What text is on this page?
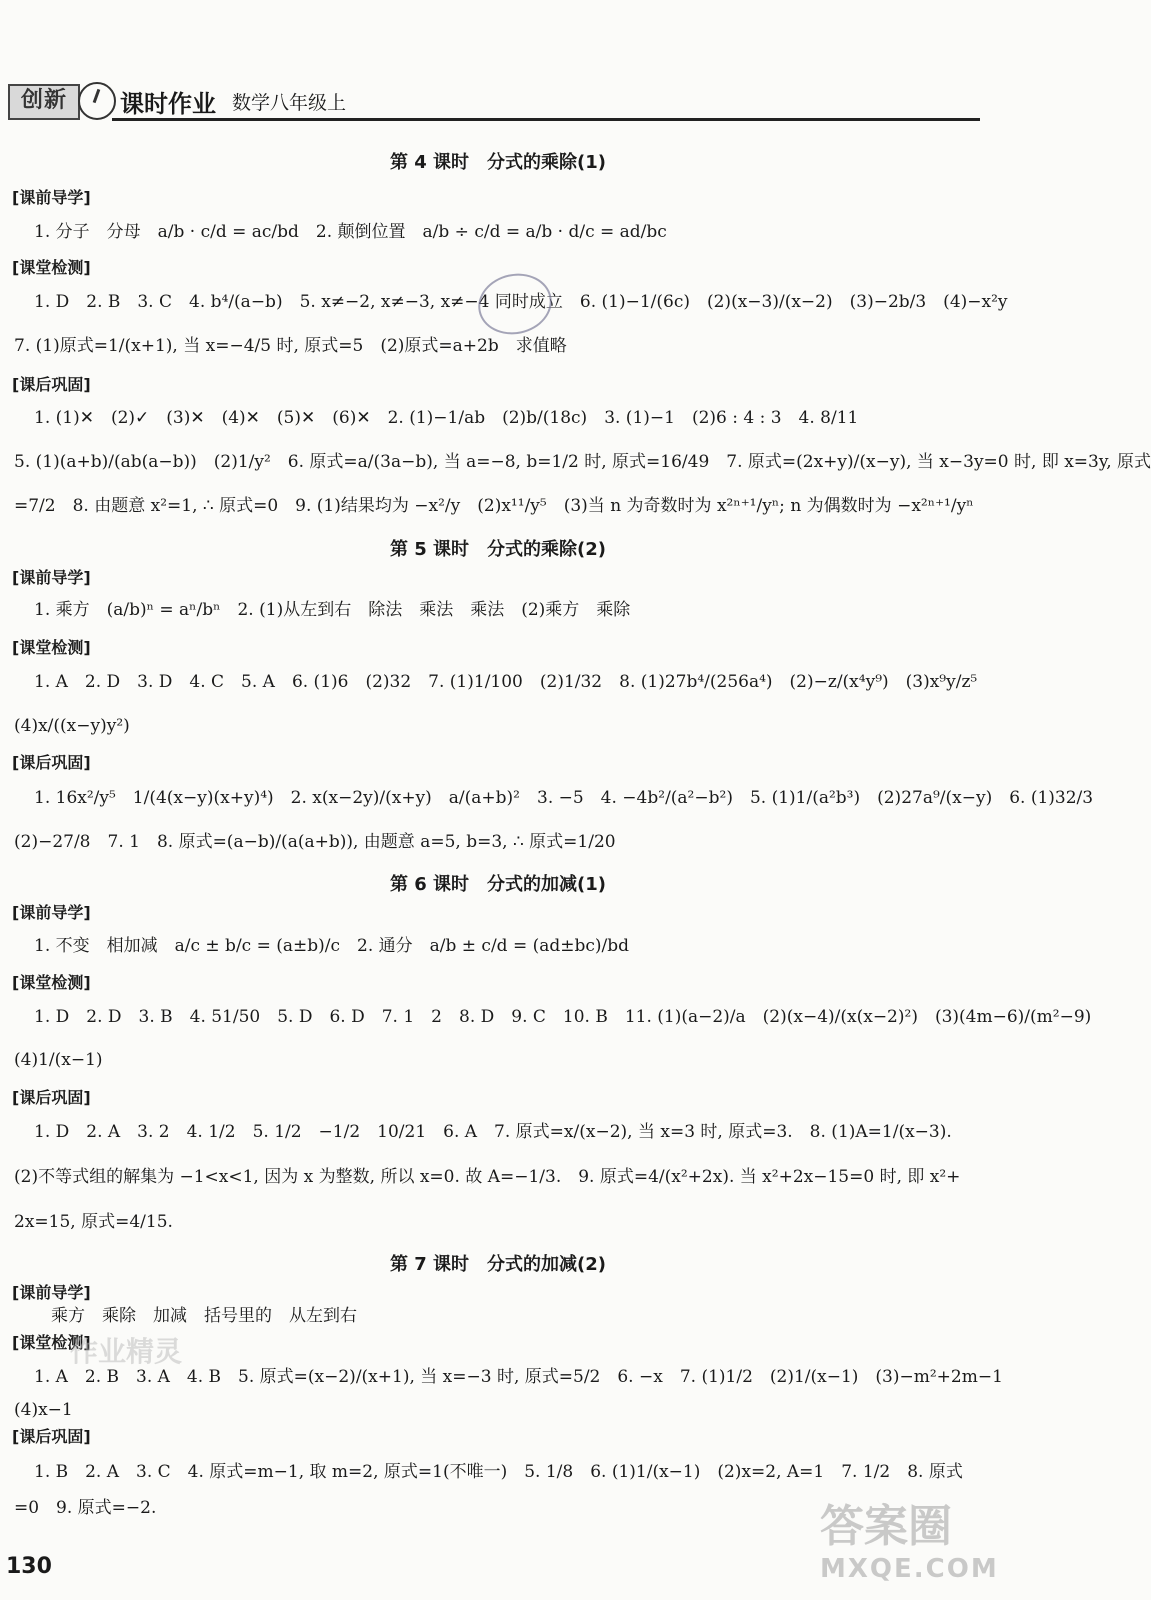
创新	课时作业 数学八年级上
第 4 课时　分式的乘除(1)
[课前导学]
1. 分子　分母　a/b · c/d = ac/bd　2. 颠倒位置　a/b ÷ c/d = a/b · d/c = ad/bc
[课堂检测]
1. D　2. B　3. C　4. b⁴/(a−b)　5. x≠−2, x≠−3, x≠−4 同时成立　6. (1)−1/(6c)　(2)(x−3)/(x−2)　(3)−2b/3　(4)−x²y
7. (1)原式=1/(x+1), 当 x=−4/5 时, 原式=5　(2)原式=a+2b　求值略
[课后巩固]
1. (1)✕　(2)✓　(3)✕　(4)✕　(5)✕　(6)✕　2. (1)−1/ab　(2)b/(18c)　3. (1)−1　(2)6 : 4 : 3　4. 8/11
5. (1)(a+b)/(ab(a−b))　(2)1/y²　6. 原式=a/(3a−b), 当 a=−8, b=1/2 时, 原式=16/49　7. 原式=(2x+y)/(x−y), 当 x−3y=0 时, 即 x=3y, 原式
=7/2　8. 由题意 x²=1, ∴ 原式=0　9. (1)结果均为 −x²/y　(2)x¹¹/y⁵　(3)当 n 为奇数时为 x²ⁿ⁺¹/yⁿ; n 为偶数时为 −x²ⁿ⁺¹/yⁿ
第 5 课时　分式的乘除(2)
[课前导学]
1. 乘方　(a/b)ⁿ = aⁿ/bⁿ　2. (1)从左到右　除法　乘法　乘法　(2)乘方　乘除
[课堂检测]
1. A　2. D　3. D　4. C　5. A　6. (1)6　(2)32　7. (1)1/100　(2)1/32　8. (1)27b⁴/(256a⁴)　(2)−z/(x⁴y⁹)　(3)x⁹y/z⁵
(4)x/((x−y)y²)
[课后巩固]
1. 16x²/y⁵　1/(4(x−y)(x+y)⁴)　2. x(x−2y)/(x+y)　a/(a+b)²　3. −5　4. −4b²/(a²−b²)　5. (1)1/(a²b³)　(2)27a⁹/(x−y)　6. (1)32/3
(2)−27/8　7. 1　8. 原式=(a−b)/(a(a+b)), 由题意 a=5, b=3, ∴ 原式=1/20
第 6 课时　分式的加减(1)
[课前导学]
1. 不变　相加减　a/c ± b/c = (a±b)/c　2. 通分　a/b ± c/d = (ad±bc)/bd
[课堂检测]
1. D　2. D　3. B　4. 51/50　5. D　6. D　7. 1　2　8. D　9. C　10. B　11. (1)(a−2)/a　(2)(x−4)/(x(x−2)²)　(3)(4m−6)/(m²−9)
(4)1/(x−1)
[课后巩固]
1. D　2. A　3. 2　4. 1/2　5. 1/2　−1/2　10/21　6. A　7. 原式=x/(x−2), 当 x=3 时, 原式=3.　8. (1)A=1/(x−3).
(2)不等式组的解集为 −1<x<1, 因为 x 为整数, 所以 x=0. 故 A=−1/3.　9. 原式=4/(x²+2x). 当 x²+2x−15=0 时, 即 x²+
2x=15, 原式=4/15.
第 7 课时　分式的加减(2)
[课前导学]
　乘方　乘除　加减　括号里的　从左到右
[课堂检测]
1. A　2. B　3. A　4. B　5. 原式=(x−2)/(x+1), 当 x=−3 时, 原式=5/2　6. −x　7. (1)1/2　(2)1/(x−1)　(3)−m²+2m−1
(4)x−1
[课后巩固]
1. B　2. A　3. C　4. 原式=m−1, 取 m=2, 原式=1(不唯一)　5. 1/8　6. (1)1/(x−1)　(2)x=2, A=1　7. 1/2　8. 原式
=0　9. 原式=−2.
作业精灵
答案圈
MXQE.COM
130
